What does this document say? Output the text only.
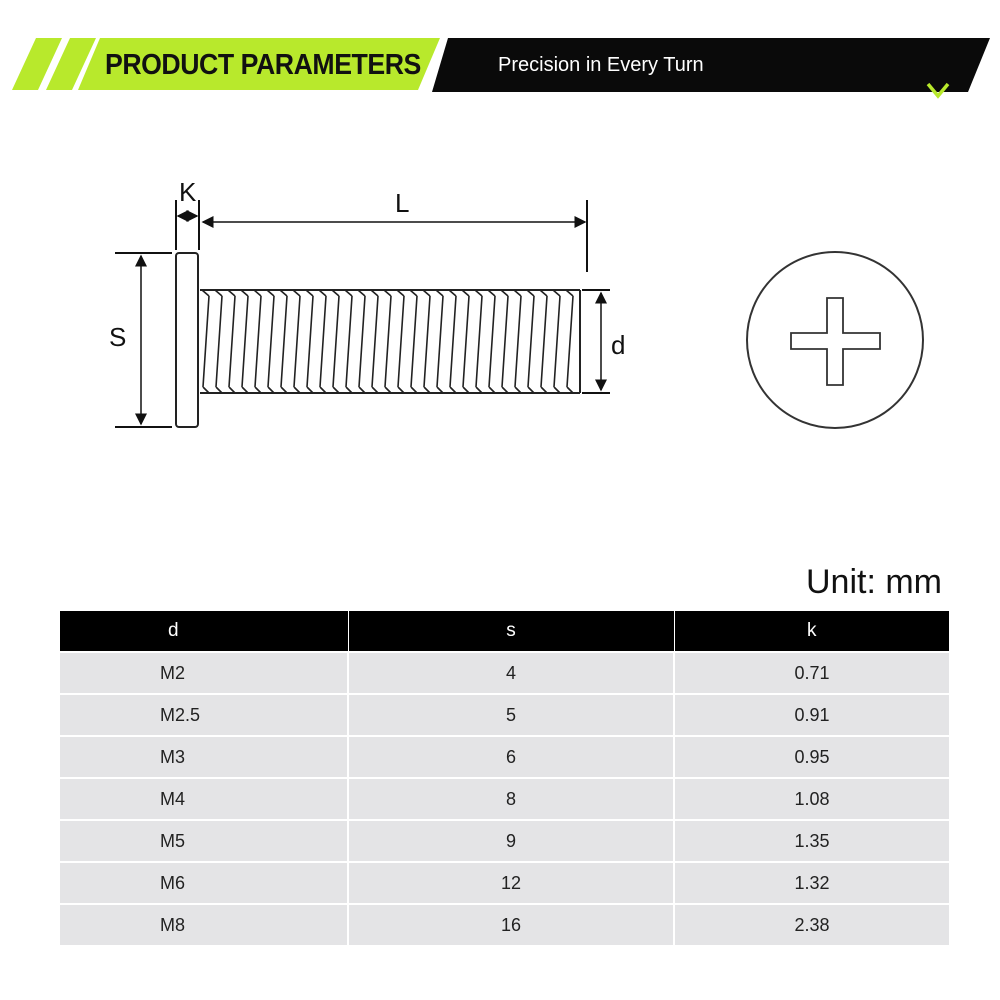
PRODUCT PARAMETERS	Precision in Every Turn
K	L
S	d
Unit: mm
d	s	k
M2	4	0.71
M2.5	5	0.91
M3	6	0.95
M4	8	1.08
M5	9	1.35
M6	12	1.32
M8	16	2.38
